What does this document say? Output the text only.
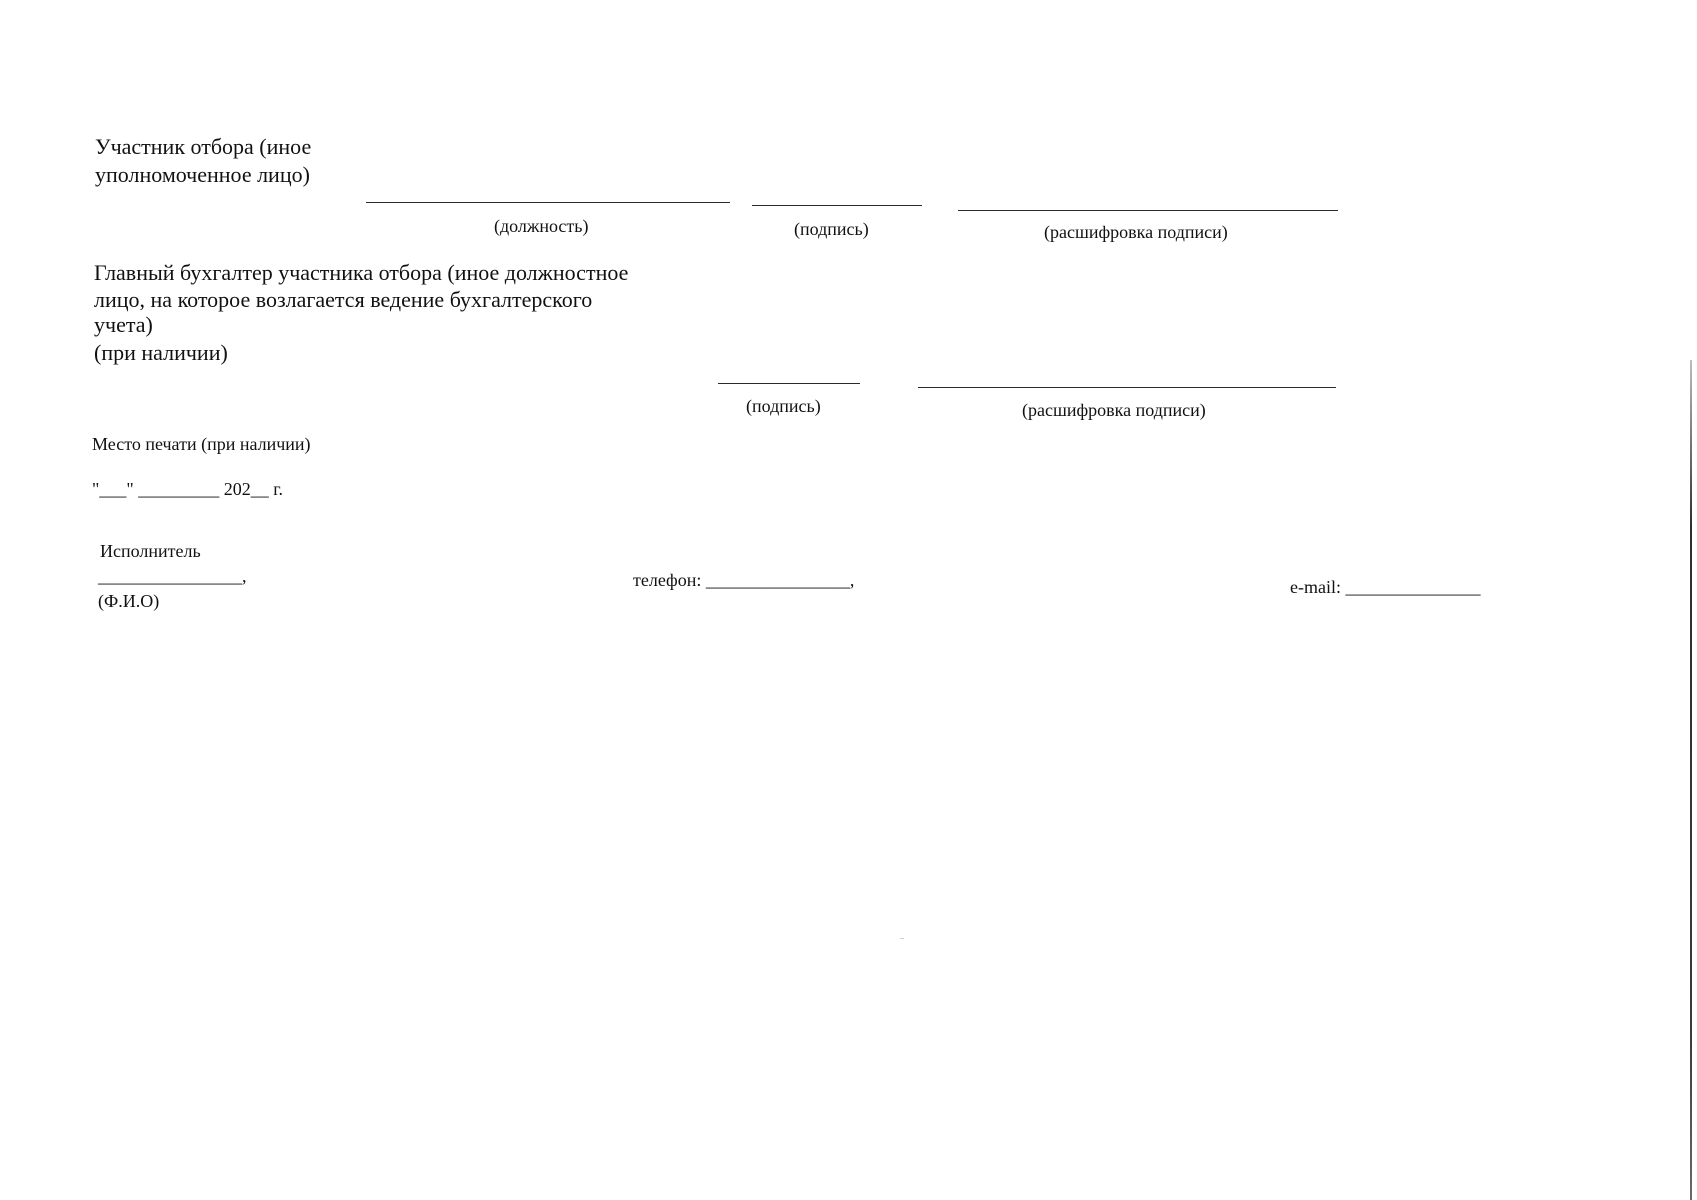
Участник отбора (иное
уполномоченное лицо)
(должность)	(подпись)	(расшифровка подписи)
Главный бухгалтер участника отбора (иное должностное
лицо, на которое возлагается ведение бухгалтерского
учета)
(при наличии)
(подпись)	(расшифровка подписи)
Место печати (при наличии)
"___" _________ 202__ г.
Исполнитель
________________,
(Ф.И.О)
телефон: ________________,	e-mail: _______________
